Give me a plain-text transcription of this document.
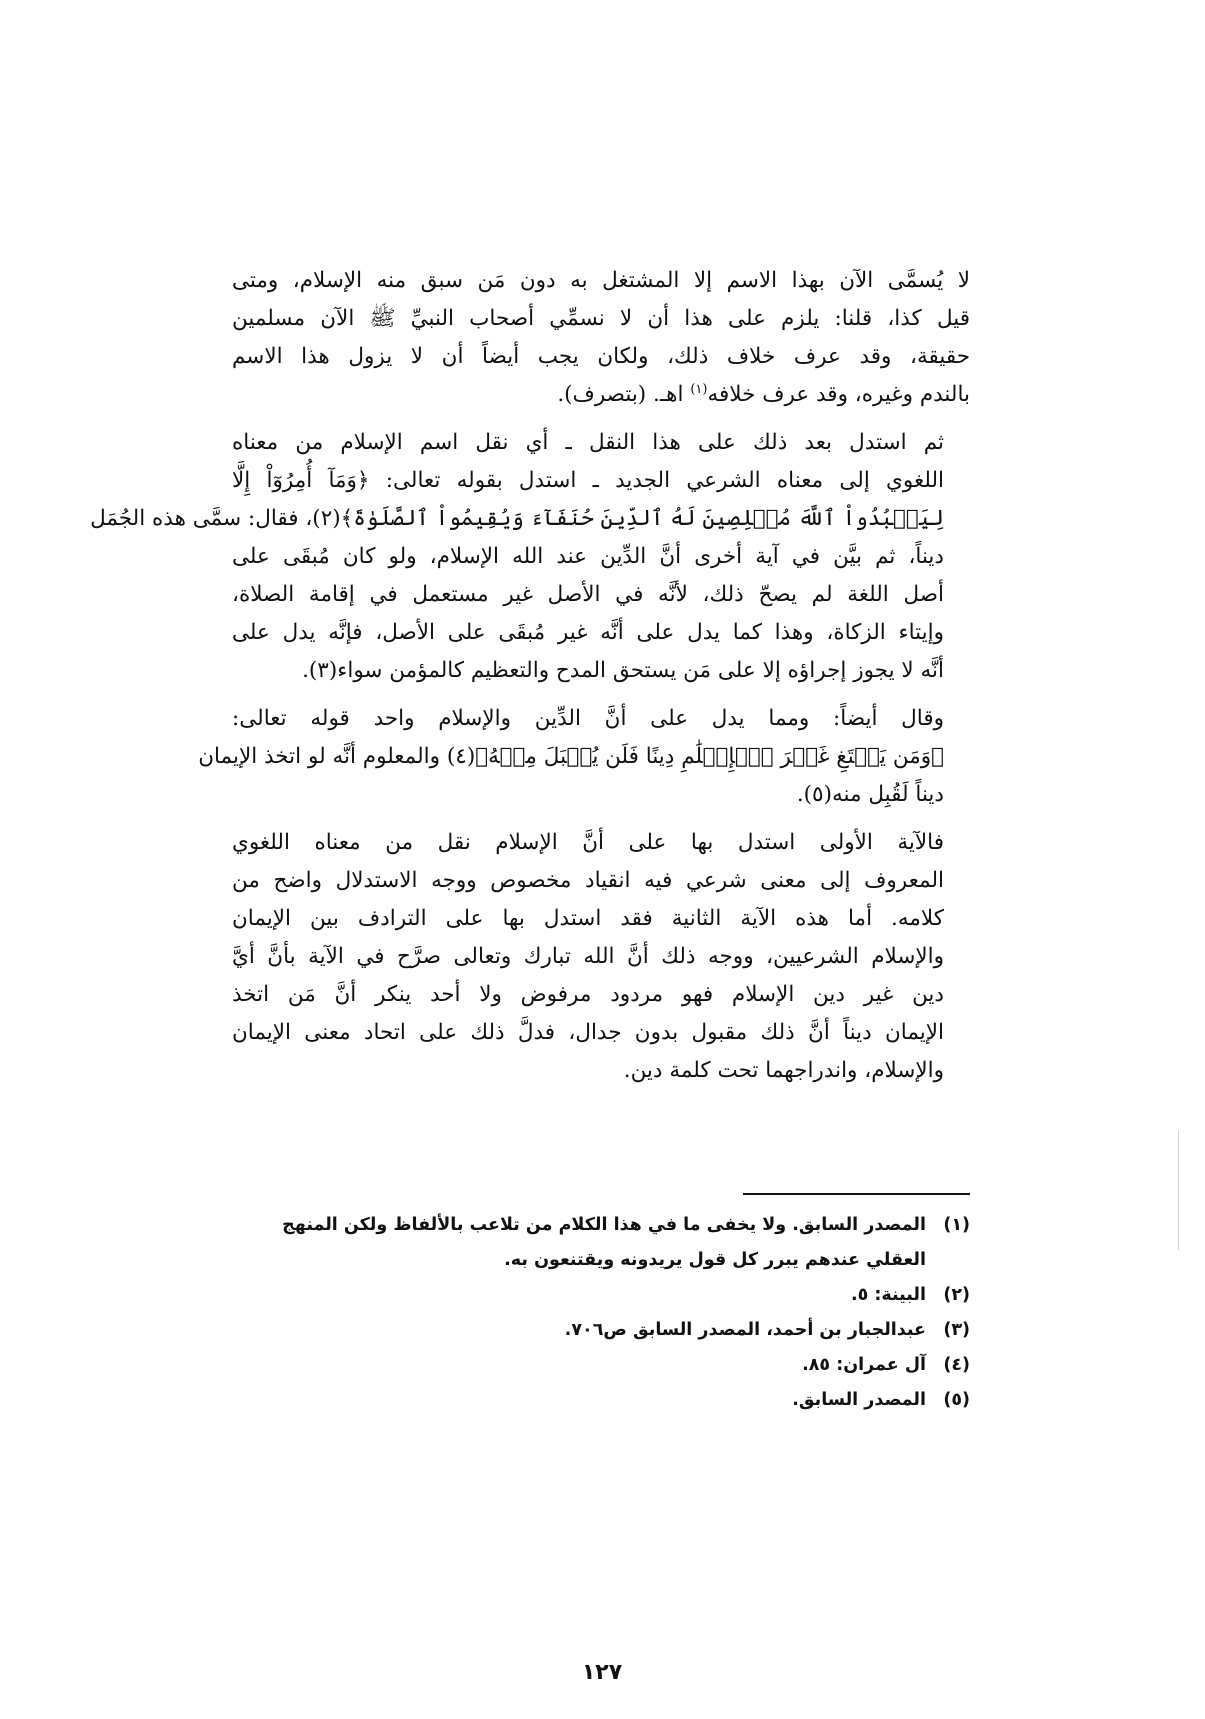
لا يُسمَّى الآن بهذا الاسم إلا المشتغل به دون مَن سبق منه الإسلام، ومتى
قيل كذا، قلنا: يلزم على هذا أن لا نسمِّي أصحاب النبيِّ ﷺ الآن مسلمين
حقيقة، وقد عرف خلاف ذلك، ولكان يجب أيضاً أن لا يزول هذا الاسم
بالندم وغيره، وقد عرف خلافه$^{(١)}$ اهـ. (بتصرف).

ثم استدل بعد ذلك على هذا النقل ـ أي نقل اسم الإسلام من معناه
اللغوي إلى معناه الشرعي الجديد ـ استدل بقوله تعالى: ﴿وَمَآ أُمِرُوٓاْ إِلَّا
لِيَعۡبُدُواْ ٱللَّهَ مُخۡلِصِينَ لَهُ ٱلدِّينَ حُنَفَآءَ وَيُقِيمُواْ ٱلصَّلَوٰةَ﴾(٢)، فقال: سمَّى هذه الجُمَل
ديناً، ثم بيَّن في آية أخرى أنَّ الدِّين عند الله الإسلام، ولو كان مُبقَى على
أصل اللغة لم يصحّ ذلك، لأنَّه في الأصل غير مستعمل في إقامة الصلاة،
وإيتاء الزكاة، وهذا كما يدل على أنَّه غير مُبقَى على الأصل، فإنَّه يدل على
أنَّه لا يجوز إجراؤه إلا على مَن يستحق المدح والتعظيم كالمؤمن سواء(٣).

وقال أيضاً: ومما يدل على أنَّ الدِّين والإسلام واحد قوله تعالى:
﴿وَمَن يَبۡتَغِ غَيۡرَ ٱلۡإِسۡلَٰمِ دِينًا فَلَن يُقۡبَلَ مِنۡهُ﴾(٤) والمعلوم أنَّه لو اتخذ الإيمان
ديناً لَقُبِل منه(٥).

فالآية الأولى استدل بها على أنَّ الإسلام نقل من معناه اللغوي
المعروف إلى معنى شرعي فيه انقياد مخصوص ووجه الاستدلال واضح من
كلامه. أما هذه الآية الثانية فقد استدل بها على الترادف بين الإيمان
والإسلام الشرعيين، ووجه ذلك أنَّ الله تبارك وتعالى صرَّح في الآية بأنَّ أيَّ
دين غير دين الإسلام فهو مردود مرفوض ولا أحد ينكر أنَّ مَن اتخذ
الإيمان ديناً أنَّ ذلك مقبول بدون جدال، فدلَّ ذلك على اتحاد معنى الإيمان
والإسلام، واندراجهما تحت كلمة دين.

(١)
المصدر السابق. ولا يخفى ما في هذا الكلام من تلاعب بالألفاظ ولكن المنهج
العقلي عندهم يبرر كل قول يريدونه ويقتنعون به.
(٢)
البينة: ٥.
(٣)
عبدالجبار بن أحمد، المصدر السابق ص٧٠٦.
(٤)
آل عمران: ٨٥.
(٥)
المصدر السابق.
١٢٧
